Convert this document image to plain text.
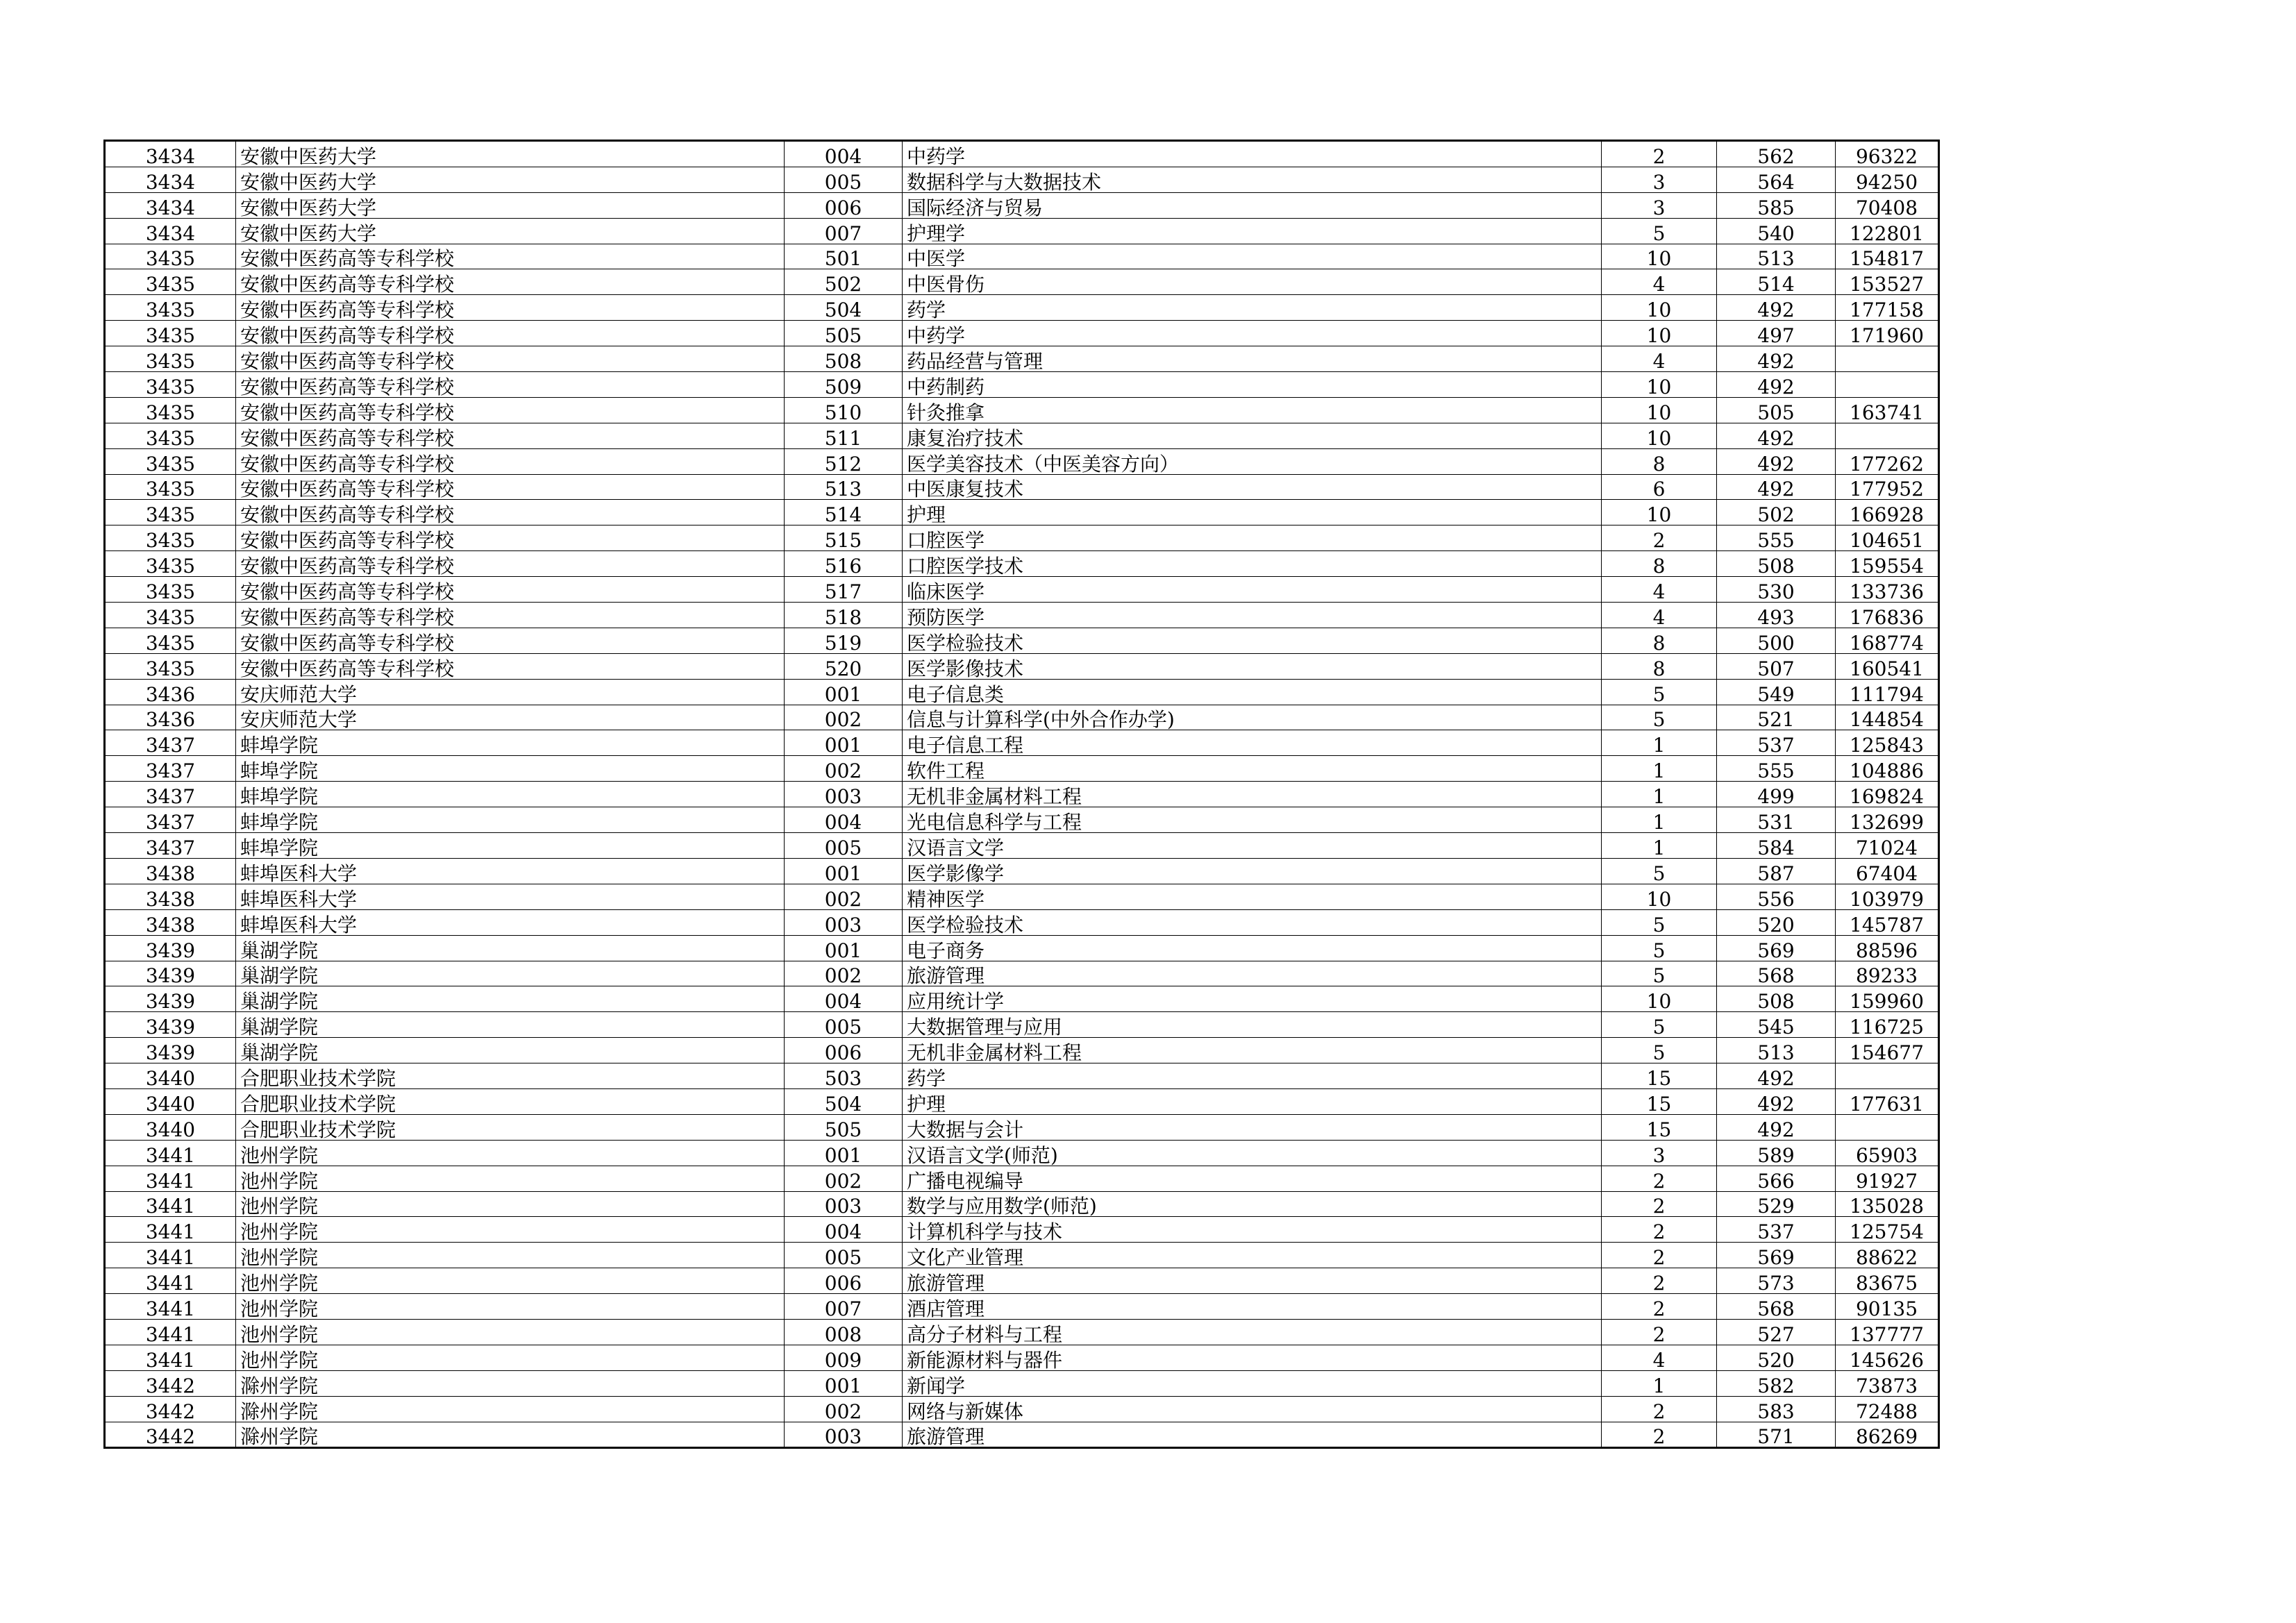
3434	安徽中医药大学	004	中药学	2	562	96322
3434	安徽中医药大学	005	数据科学与大数据技术	3	564	94250
3434	安徽中医药大学	006	国际经济与贸易	3	585	70408
3434	安徽中医药大学	007	护理学	5	540	122801
3435	安徽中医药高等专科学校	501	中医学	10	513	154817
3435	安徽中医药高等专科学校	502	中医骨伤	4	514	153527
3435	安徽中医药高等专科学校	504	药学	10	492	177158
3435	安徽中医药高等专科学校	505	中药学	10	497	171960
3435	安徽中医药高等专科学校	508	药品经营与管理	4	492	
3435	安徽中医药高等专科学校	509	中药制药	10	492	
3435	安徽中医药高等专科学校	510	针灸推拿	10	505	163741
3435	安徽中医药高等专科学校	511	康复治疗技术	10	492	
3435	安徽中医药高等专科学校	512	医学美容技术（中医美容方向）	8	492	177262
3435	安徽中医药高等专科学校	513	中医康复技术	6	492	177952
3435	安徽中医药高等专科学校	514	护理	10	502	166928
3435	安徽中医药高等专科学校	515	口腔医学	2	555	104651
3435	安徽中医药高等专科学校	516	口腔医学技术	8	508	159554
3435	安徽中医药高等专科学校	517	临床医学	4	530	133736
3435	安徽中医药高等专科学校	518	预防医学	4	493	176836
3435	安徽中医药高等专科学校	519	医学检验技术	8	500	168774
3435	安徽中医药高等专科学校	520	医学影像技术	8	507	160541
3436	安庆师范大学	001	电子信息类	5	549	111794
3436	安庆师范大学	002	信息与计算科学(中外合作办学)	5	521	144854
3437	蚌埠学院	001	电子信息工程	1	537	125843
3437	蚌埠学院	002	软件工程	1	555	104886
3437	蚌埠学院	003	无机非金属材料工程	1	499	169824
3437	蚌埠学院	004	光电信息科学与工程	1	531	132699
3437	蚌埠学院	005	汉语言文学	1	584	71024
3438	蚌埠医科大学	001	医学影像学	5	587	67404
3438	蚌埠医科大学	002	精神医学	10	556	103979
3438	蚌埠医科大学	003	医学检验技术	5	520	145787
3439	巢湖学院	001	电子商务	5	569	88596
3439	巢湖学院	002	旅游管理	5	568	89233
3439	巢湖学院	004	应用统计学	10	508	159960
3439	巢湖学院	005	大数据管理与应用	5	545	116725
3439	巢湖学院	006	无机非金属材料工程	5	513	154677
3440	合肥职业技术学院	503	药学	15	492	
3440	合肥职业技术学院	504	护理	15	492	177631
3440	合肥职业技术学院	505	大数据与会计	15	492	
3441	池州学院	001	汉语言文学(师范)	3	589	65903
3441	池州学院	002	广播电视编导	2	566	91927
3441	池州学院	003	数学与应用数学(师范)	2	529	135028
3441	池州学院	004	计算机科学与技术	2	537	125754
3441	池州学院	005	文化产业管理	2	569	88622
3441	池州学院	006	旅游管理	2	573	83675
3441	池州学院	007	酒店管理	2	568	90135
3441	池州学院	008	高分子材料与工程	2	527	137777
3441	池州学院	009	新能源材料与器件	4	520	145626
3442	滁州学院	001	新闻学	1	582	73873
3442	滁州学院	002	网络与新媒体	2	583	72488
3442	滁州学院	003	旅游管理	2	571	86269
